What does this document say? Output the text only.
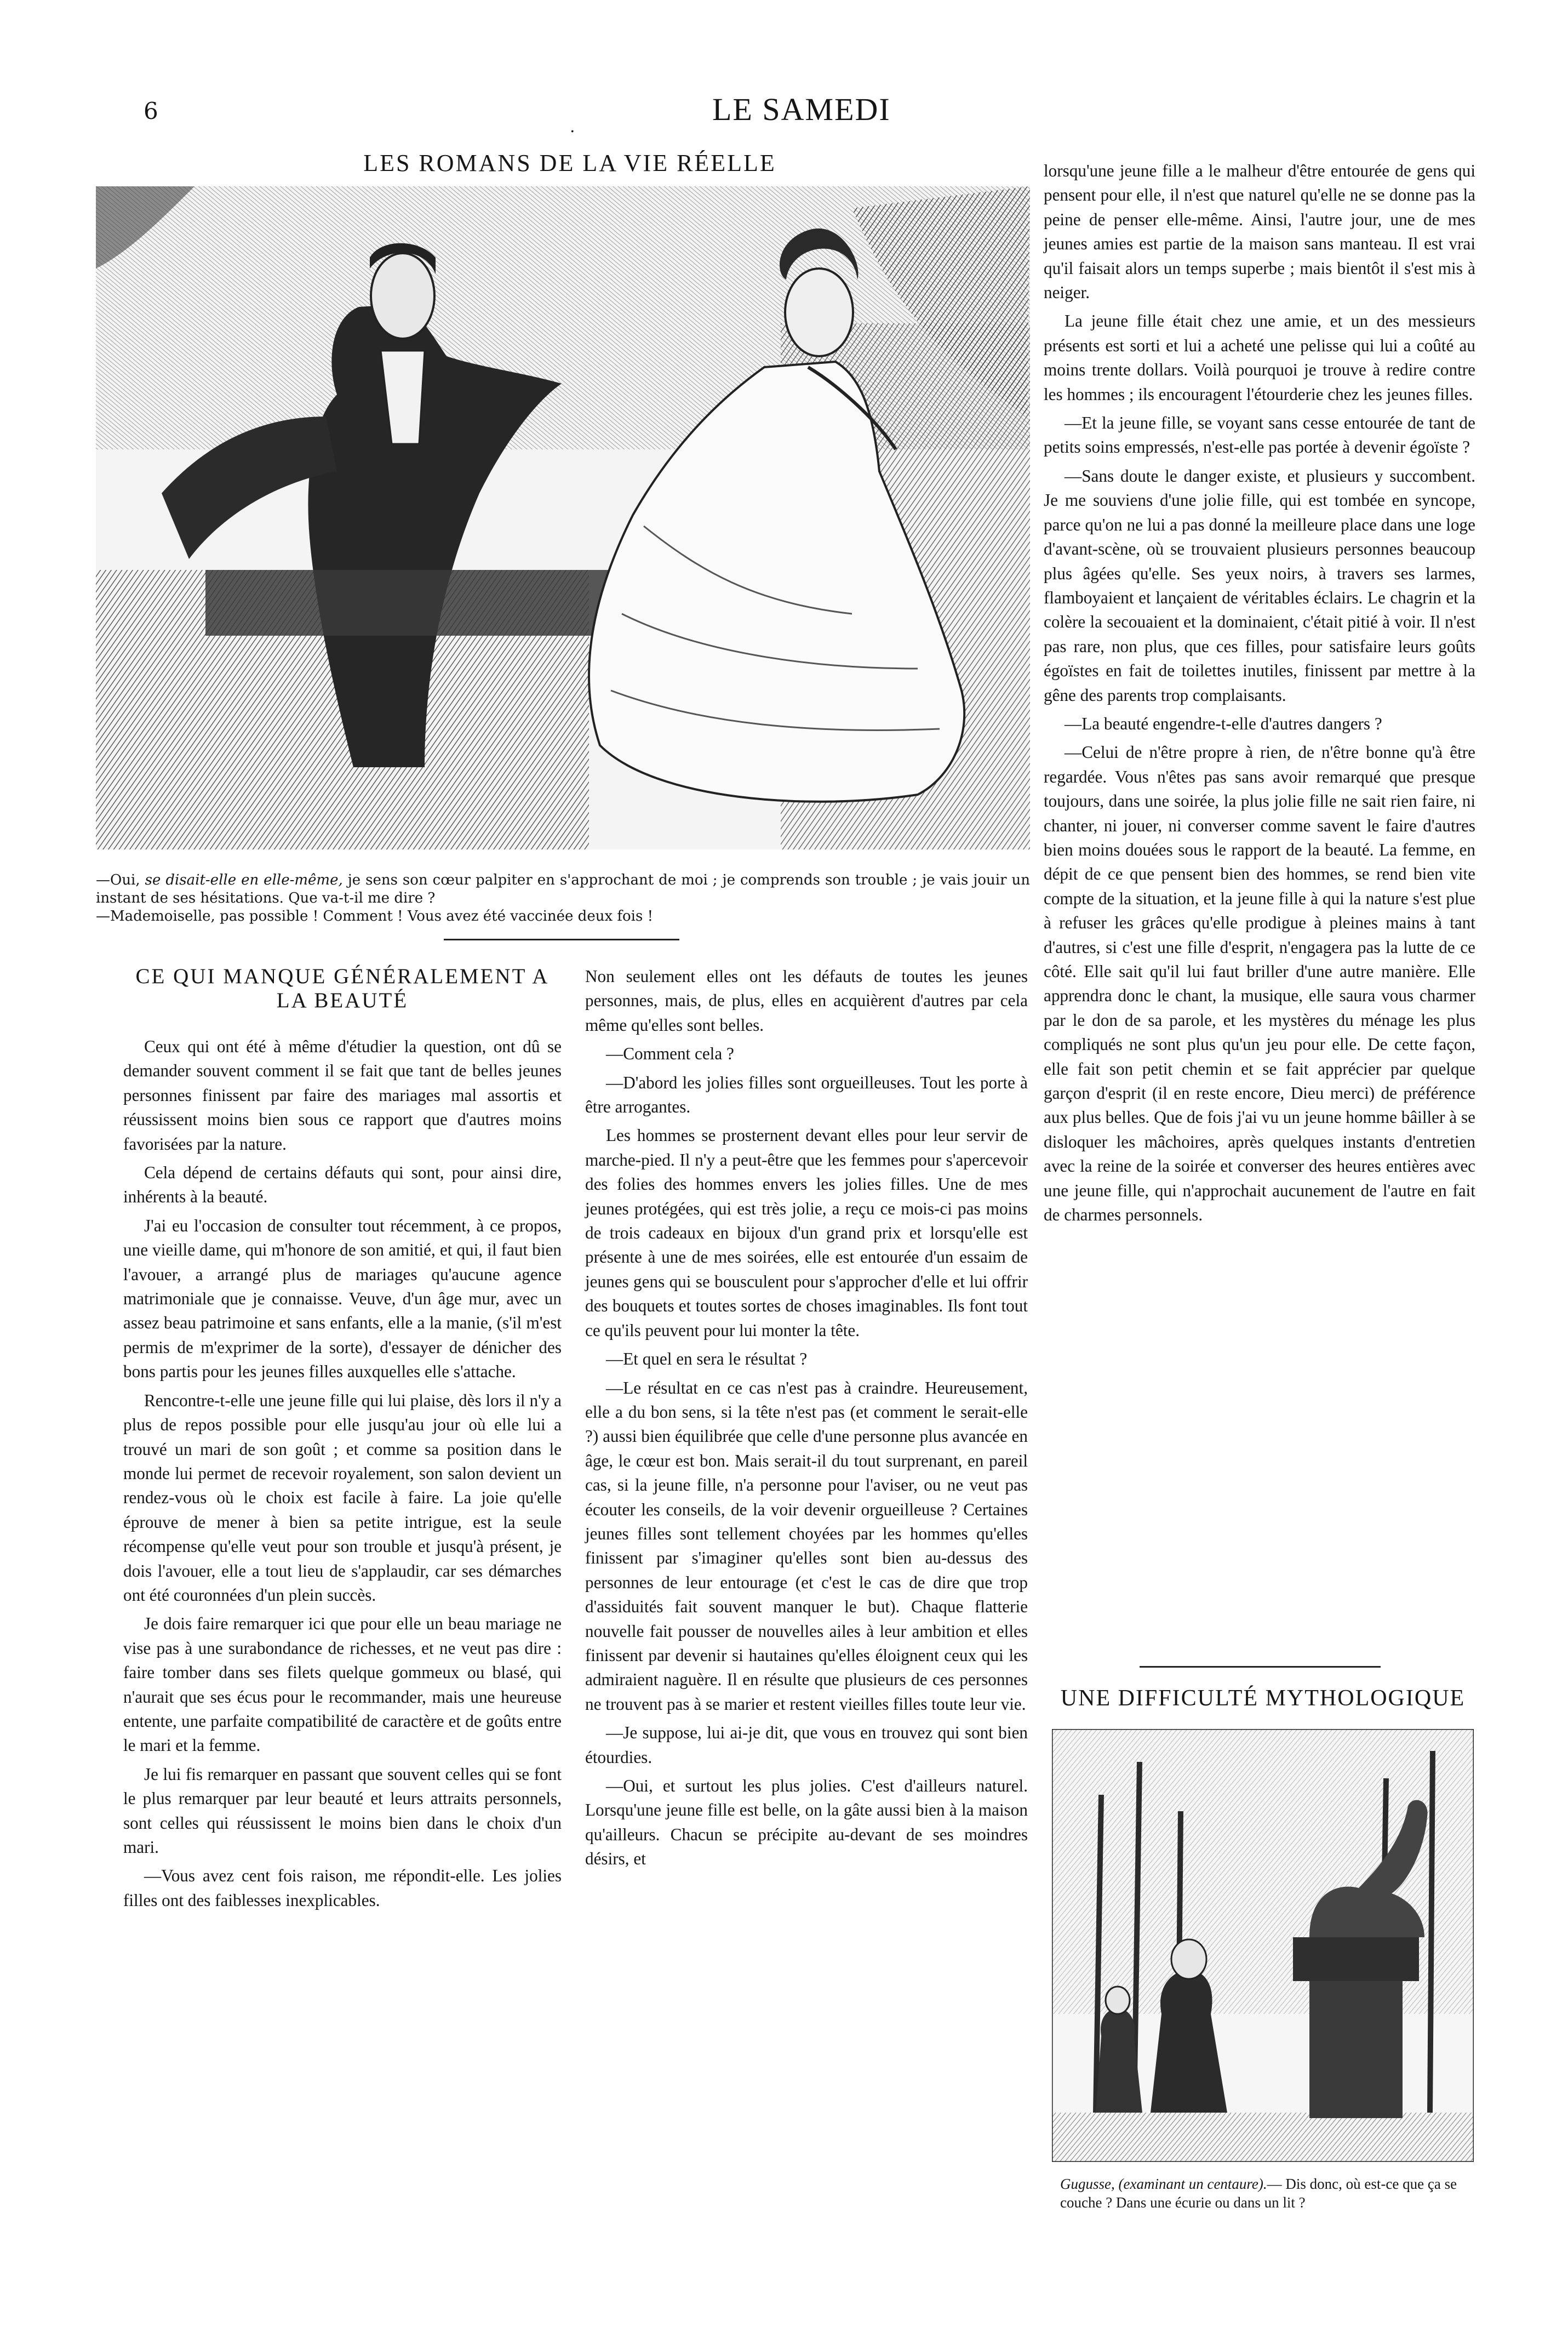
6
.	LE SAMEDI
LES ROMANS DE LA VIE RÉELLE

—Oui, se disait-elle en elle-même, je sens son cœur palpiter en s'approchant de moi ; je comprends son trouble ; je vais jouir un instant de ses hésitations. Que va-t-il me dire ?

—Mademoiselle, pas possible ! Comment ! Vous avez été vaccinée deux fois !

CE QUI MANQUE GÉNÉRALEMENT A LA BEAUTÉ

Ceux qui ont été à même d'étudier la question, ont dû se demander souvent comment il se fait que tant de belles jeunes personnes finissent par faire des mariages mal assortis et réussissent moins bien sous ce rapport que d'autres moins favorisées par la nature.

Cela dépend de certains défauts qui sont, pour ainsi dire, inhérents à la beauté.

J'ai eu l'occasion de consulter tout récemment, à ce propos, une vieille dame, qui m'honore de son amitié, et qui, il faut bien l'avouer, a arrangé plus de mariages qu'aucune agence matrimoniale que je connaisse. Veuve, d'un âge mur, avec un assez beau patrimoine et sans enfants, elle a la manie, (s'il m'est permis de m'exprimer de la sorte), d'essayer de dénicher des bons partis pour les jeunes filles auxquelles elle s'attache.

Rencontre-t-elle une jeune fille qui lui plaise, dès lors il n'y a plus de repos possible pour elle jusqu'au jour où elle lui a trouvé un mari de son goût ; et comme sa position dans le monde lui permet de recevoir royalement, son salon devient un rendez-vous où le choix est facile à faire. La joie qu'elle éprouve de mener à bien sa petite intrigue, est la seule récompense qu'elle veut pour son trouble et jusqu'à présent, je dois l'avouer, elle a tout lieu de s'applaudir, car ses démarches ont été couronnées d'un plein succès.

Je dois faire remarquer ici que pour elle un beau mariage ne vise pas à une surabondance de richesses, et ne veut pas dire : faire tomber dans ses filets quelque gommeux ou blasé, qui n'aurait que ses écus pour le recommander, mais une heureuse entente, une parfaite compatibilité de caractère et de goûts entre le mari et la femme.

Je lui fis remarquer en passant que souvent celles qui se font le plus remarquer par leur beauté et leurs attraits personnels, sont celles qui réussissent le moins bien dans le choix d'un mari.

—Vous avez cent fois raison, me répondit-elle. Les jolies filles ont des faiblesses inexplicables.

Non seulement elles ont les défauts de toutes les jeunes personnes, mais, de plus, elles en acquièrent d'autres par cela même qu'elles sont belles.

—Comment cela ?

—D'abord les jolies filles sont orgueilleuses. Tout les porte à être arrogantes.

Les hommes se prosternent devant elles pour leur servir de marche-pied. Il n'y a peut-être que les femmes pour s'apercevoir des folies des hommes envers les jolies filles. Une de mes jeunes protégées, qui est très jolie, a reçu ce mois-ci pas moins de trois cadeaux en bijoux d'un grand prix et lorsqu'elle est présente à une de mes soirées, elle est entourée d'un essaim de jeunes gens qui se bousculent pour s'approcher d'elle et lui offrir des bouquets et toutes sortes de choses imaginables. Ils font tout ce qu'ils peuvent pour lui monter la tête.

—Et quel en sera le résultat ?

—Le résultat en ce cas n'est pas à craindre. Heureusement, elle a du bon sens, si la tête n'est pas (et comment le serait-elle ?) aussi bien équilibrée que celle d'une personne plus avancée en âge, le cœur est bon. Mais serait-il du tout surprenant, en pareil cas, si la jeune fille, n'a personne pour l'aviser, ou ne veut pas écouter les conseils, de la voir devenir orgueilleuse ? Certaines jeunes filles sont tellement choyées par les hommes qu'elles finissent par s'imaginer qu'elles sont bien au-dessus des personnes de leur entourage (et c'est le cas de dire que trop d'assiduités fait souvent manquer le but). Chaque flatterie nouvelle fait pousser de nouvelles ailes à leur ambition et elles finissent par devenir si hautaines qu'elles éloignent ceux qui les admiraient naguère. Il en résulte que plusieurs de ces personnes ne trouvent pas à se marier et restent vieilles filles toute leur vie.

—Je suppose, lui ai-je dit, que vous en trouvez qui sont bien étourdies.

—Oui, et surtout les plus jolies. C'est d'ailleurs naturel. Lorsqu'une jeune fille est belle, on la gâte aussi bien à la maison qu'ailleurs. Chacun se précipite au-devant de ses moindres désirs, et

lorsqu'une jeune fille a le malheur d'être entourée de gens qui pensent pour elle, il n'est que naturel qu'elle ne se donne pas la peine de penser elle-même. Ainsi, l'autre jour, une de mes jeunes amies est partie de la maison sans manteau. Il est vrai qu'il faisait alors un temps superbe ; mais bientôt il s'est mis à neiger.

La jeune fille était chez une amie, et un des messieurs présents est sorti et lui a acheté une pelisse qui lui a coûté au moins trente dollars. Voilà pourquoi je trouve à redire contre les hommes ; ils encouragent l'étourderie chez les jeunes filles.

—Et la jeune fille, se voyant sans cesse entourée de tant de petits soins empressés, n'est-elle pas portée à devenir égoïste ?

—Sans doute le danger existe, et plusieurs y succombent. Je me souviens d'une jolie fille, qui est tombée en syncope, parce qu'on ne lui a pas donné la meilleure place dans une loge d'avant-scène, où se trouvaient plusieurs personnes beaucoup plus âgées qu'elle. Ses yeux noirs, à travers ses larmes, flamboyaient et lançaient de véritables éclairs. Le chagrin et la colère la secouaient et la dominaient, c'était pitié à voir. Il n'est pas rare, non plus, que ces filles, pour satisfaire leurs goûts égoïstes en fait de toilettes inutiles, finissent par mettre à la gêne des parents trop complaisants.

—La beauté engendre-t-elle d'autres dangers ?

—Celui de n'être propre à rien, de n'être bonne qu'à être regardée. Vous n'êtes pas sans avoir remarqué que presque toujours, dans une soirée, la plus jolie fille ne sait rien faire, ni chanter, ni jouer, ni converser comme savent le faire d'autres bien moins douées sous le rapport de la beauté. La femme, en dépit de ce que pensent bien des hommes, se rend bien vite compte de la situation, et la jeune fille à qui la nature s'est plue à refuser les grâces qu'elle prodigue à pleines mains à tant d'autres, si c'est une fille d'esprit, n'engagera pas la lutte de ce côté. Elle sait qu'il lui faut briller d'une autre manière. Elle apprendra donc le chant, la musique, elle saura vous charmer par le don de sa parole, et les mystères du ménage les plus compliqués ne sont plus qu'un jeu pour elle. De cette façon, elle fait son petit chemin et se fait apprécier par quelque garçon d'esprit (il en reste encore, Dieu merci) de préférence aux plus belles. Que de fois j'ai vu un jeune homme bâiller à se disloquer les mâchoires, après quelques instants d'entretien avec la reine de la soirée et converser des heures entières avec une jeune fille, qui n'approchait aucunement de l'autre en fait de charmes personnels.

UNE DIFFICULTÉ MYTHOLOGIQUE
Gugusse, (examinant un centaure).— Dis donc, où est-ce que ça se couche ? Dans une écurie ou dans un lit ?
